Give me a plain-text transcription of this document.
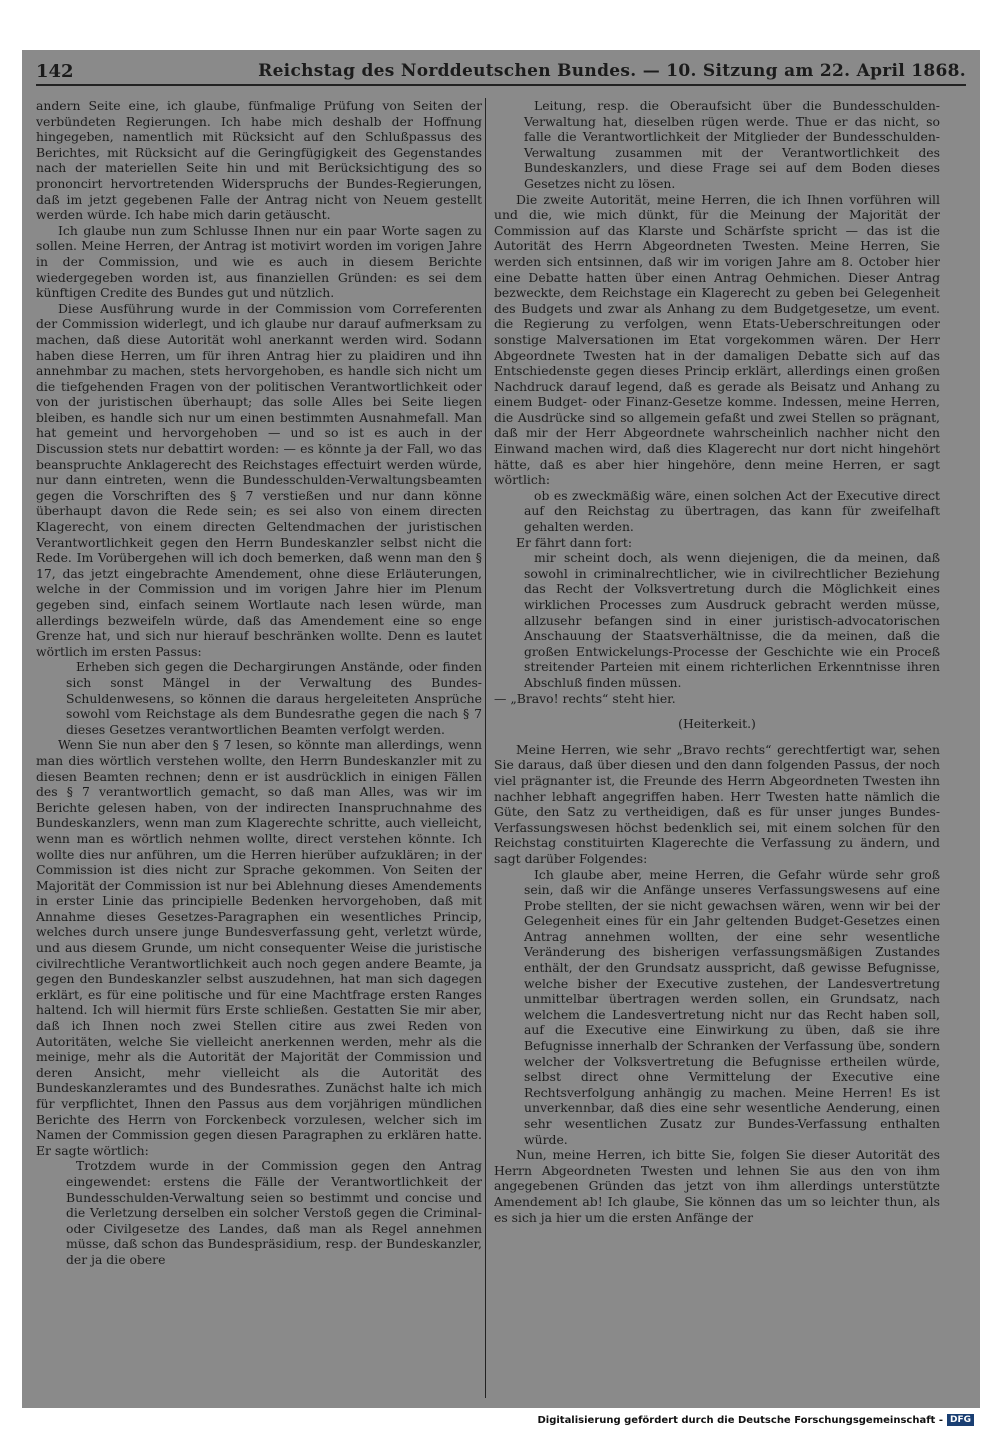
142	Reichstag des Norddeutschen Bundes. — 10. Sitzung am 22. April 1868.

andern Seite eine, ich glaube, fünfmalige Prüfung von Seiten der verbündeten Regierungen. Ich habe mich deshalb der Hoffnung hingegeben, namentlich mit Rücksicht auf den Schlußpassus des Berichtes, mit Rücksicht auf die Geringfügigkeit des Gegenstandes nach der materiellen Seite hin und mit Berücksichtigung des so prononcirt hervortretenden Widerspruchs der Bundes-Regierungen, daß im jetzt gegebenen Falle der Antrag nicht von Neuem gestellt werden würde. Ich habe mich darin getäuscht.

Ich glaube nun zum Schlusse Ihnen nur ein paar Worte sagen zu sollen. Meine Herren, der Antrag ist motivirt worden im vorigen Jahre in der Commission, und wie es auch in diesem Berichte wiedergegeben worden ist, aus finanziellen Gründen: es sei dem künftigen Credite des Bundes gut und nützlich.

Diese Ausführung wurde in der Commission vom Correferenten der Commission widerlegt, und ich glaube nur darauf aufmerksam zu machen, daß diese Autorität wohl anerkannt werden wird. Sodann haben diese Herren, um für ihren Antrag hier zu plaidiren und ihn annehmbar zu machen, stets hervorgehoben, es handle sich nicht um die tiefgehenden Fragen von der politischen Verantwortlichkeit oder von der juristischen überhaupt; das solle Alles bei Seite liegen bleiben, es handle sich nur um einen bestimmten Ausnahmefall. Man hat gemeint und hervorgehoben — und so ist es auch in der Discussion stets nur debattirt worden: — es könnte ja der Fall, wo das beanspruchte Anklagerecht des Reichstages effectuirt werden würde, nur dann eintreten, wenn die Bundesschulden-Verwaltungsbeamten gegen die Vorschriften des § 7 verstießen und nur dann könne überhaupt davon die Rede sein; es sei also von einem directen Klagerecht, von einem directen Geltendmachen der juristischen Verantwortlichkeit gegen den Herrn Bundeskanzler selbst nicht die Rede. Im Vorübergehen will ich doch bemerken, daß wenn man den § 17, das jetzt eingebrachte Amendement, ohne diese Erläuterungen, welche in der Commission und im vorigen Jahre hier im Plenum gegeben sind, einfach seinem Wortlaute nach lesen würde, man allerdings bezweifeln würde, daß das Amendement eine so enge Grenze hat, und sich nur hierauf beschränken wollte. Denn es lautet wörtlich im ersten Passus:

Erheben sich gegen die Dechargirungen Anstände, oder finden sich sonst Mängel in der Verwaltung des Bundes-Schuldenwesens, so können die daraus hergeleiteten Ansprüche sowohl vom Reichstage als dem Bundesrathe gegen die nach § 7 dieses Gesetzes verantwortlichen Beamten verfolgt werden.

Wenn Sie nun aber den § 7 lesen, so könnte man allerdings, wenn man dies wörtlich verstehen wollte, den Herrn Bundeskanzler mit zu diesen Beamten rechnen; denn er ist ausdrücklich in einigen Fällen des § 7 verantwortlich gemacht, so daß man Alles, was wir im Berichte gelesen haben, von der indirecten Inanspruchnahme des Bundeskanzlers, wenn man zum Klagerechte schritte, auch vielleicht, wenn man es wörtlich nehmen wollte, direct verstehen könnte. Ich wollte dies nur anführen, um die Herren hierüber aufzuklären; in der Commission ist dies nicht zur Sprache gekommen. Von Seiten der Majorität der Commission ist nur bei Ablehnung dieses Amendements in erster Linie das principielle Bedenken hervorgehoben, daß mit Annahme dieses Gesetzes-Paragraphen ein wesentliches Princip, welches durch unsere junge Bundesverfassung geht, verletzt würde, und aus diesem Grunde, um nicht consequenter Weise die juristische civilrechtliche Verantwortlichkeit auch noch gegen andere Beamte, ja gegen den Bundeskanzler selbst auszudehnen, hat man sich dagegen erklärt, es für eine politische und für eine Machtfrage ersten Ranges haltend. Ich will hiermit fürs Erste schließen. Gestatten Sie mir aber, daß ich Ihnen noch zwei Stellen citire aus zwei Reden von Autoritäten, welche Sie vielleicht anerkennen werden, mehr als die meinige, mehr als die Autorität der Majorität der Commission und deren Ansicht, mehr vielleicht als die Autorität des Bundeskanzleramtes und des Bundesrathes. Zunächst halte ich mich für verpflichtet, Ihnen den Passus aus dem vorjährigen mündlichen Berichte des Herrn von Forckenbeck vorzulesen, welcher sich im Namen der Commission gegen diesen Paragraphen zu erklären hatte. Er sagte wörtlich:

Trotzdem wurde in der Commission gegen den Antrag eingewendet: erstens die Fälle der Verantwortlichkeit der Bundesschulden-Verwaltung seien so bestimmt und concise und die Verletzung derselben ein solcher Verstoß gegen die Criminal- oder Civilgesetze des Landes, daß man als Regel annehmen müsse, daß schon das Bundespräsidium, resp. der Bundeskanzler, der ja die obere
Leitung, resp. die Oberaufsicht über die Bundesschulden-Verwaltung hat, dieselben rügen werde. Thue er das nicht, so falle die Verantwortlichkeit der Mitglieder der Bundesschulden-Verwaltung zusammen mit der Verantwortlichkeit des Bundeskanzlers, und diese Frage sei auf dem Boden dieses Gesetzes nicht zu lösen.

Die zweite Autorität, meine Herren, die ich Ihnen vorführen will und die, wie mich dünkt, für die Meinung der Majorität der Commission auf das Klarste und Schärfste spricht — das ist die Autorität des Herrn Abgeordneten Twesten. Meine Herren, Sie werden sich entsinnen, daß wir im vorigen Jahre am 8. October hier eine Debatte hatten über einen Antrag Oehmichen. Dieser Antrag bezweckte, dem Reichstage ein Klagerecht zu geben bei Gelegenheit des Budgets und zwar als Anhang zu dem Budgetgesetze, um event. die Regierung zu verfolgen, wenn Etats-Ueberschreitungen oder sonstige Malversationen im Etat vorgekommen wären. Der Herr Abgeordnete Twesten hat in der damaligen Debatte sich auf das Entschiedenste gegen dieses Princip erklärt, allerdings einen großen Nachdruck darauf legend, daß es gerade als Beisatz und Anhang zu einem Budget- oder Finanz-Gesetze komme. Indessen, meine Herren, die Ausdrücke sind so allgemein gefaßt und zwei Stellen so prägnant, daß mir der Herr Abgeordnete wahrscheinlich nachher nicht den Einwand machen wird, daß dies Klagerecht nur dort nicht hingehört hätte, daß es aber hier hingehöre, denn meine Herren, er sagt wörtlich:

ob es zweckmäßig wäre, einen solchen Act der Executive direct auf den Reichstag zu übertragen, das kann für zweifelhaft gehalten werden.

Er fährt dann fort:

mir scheint doch, als wenn diejenigen, die da meinen, daß sowohl in criminalrechtlicher, wie in civilrechtlicher Beziehung das Recht der Volksvertretung durch die Möglichkeit eines wirklichen Processes zum Ausdruck gebracht werden müsse, allzusehr befangen sind in einer juristisch-advocatorischen Anschauung der Staatsverhältnisse, die da meinen, daß die großen Entwickelungs-Processe der Geschichte wie ein Proceß streitender Parteien mit einem richterlichen Erkenntnisse ihren Abschluß finden müssen.

— „Bravo! rechts“ steht hier.

(Heiterkeit.)

Meine Herren, wie sehr „Bravo rechts“ gerechtfertigt war, sehen Sie daraus, daß über diesen und den dann folgenden Passus, der noch viel prägnanter ist, die Freunde des Herrn Abgeordneten Twesten ihn nachher lebhaft angegriffen haben. Herr Twesten hatte nämlich die Güte, den Satz zu vertheidigen, daß es für unser junges Bundes-Verfassungswesen höchst bedenklich sei, mit einem solchen für den Reichstag constituirten Klagerechte die Verfassung zu ändern, und sagt darüber Folgendes:

Ich glaube aber, meine Herren, die Gefahr würde sehr groß sein, daß wir die Anfänge unseres Verfassungswesens auf eine Probe stellten, der sie nicht gewachsen wären, wenn wir bei der Gelegenheit eines für ein Jahr geltenden Budget-Gesetzes einen Antrag annehmen wollten, der eine sehr wesentliche Veränderung des bisherigen verfassungsmäßigen Zustandes enthält, der den Grundsatz ausspricht, daß gewisse Befugnisse, welche bisher der Executive zustehen, der Landesvertretung unmittelbar übertragen werden sollen, ein Grundsatz, nach welchem die Landesvertretung nicht nur das Recht haben soll, auf die Executive eine Einwirkung zu üben, daß sie ihre Befugnisse innerhalb der Schranken der Verfassung übe, sondern welcher der Volksvertretung die Befugnisse ertheilen würde, selbst direct ohne Vermittelung der Executive eine Rechtsverfolgung anhängig zu machen. Meine Herren! Es ist unverkennbar, daß dies eine sehr wesentliche Aenderung, einen sehr wesentlichen Zusatz zur Bundes-Verfassung enthalten würde.

Nun, meine Herren, ich bitte Sie, folgen Sie dieser Autorität des Herrn Abgeordneten Twesten und lehnen Sie aus den von ihm angegebenen Gründen das jetzt von ihm allerdings unterstützte Amendement ab! Ich glaube, Sie können das um so leichter thun, als es sich ja hier um die ersten Anfänge der

Digitalisierung gefördert durch die Deutsche Forschungsgemeinschaft - DFG
